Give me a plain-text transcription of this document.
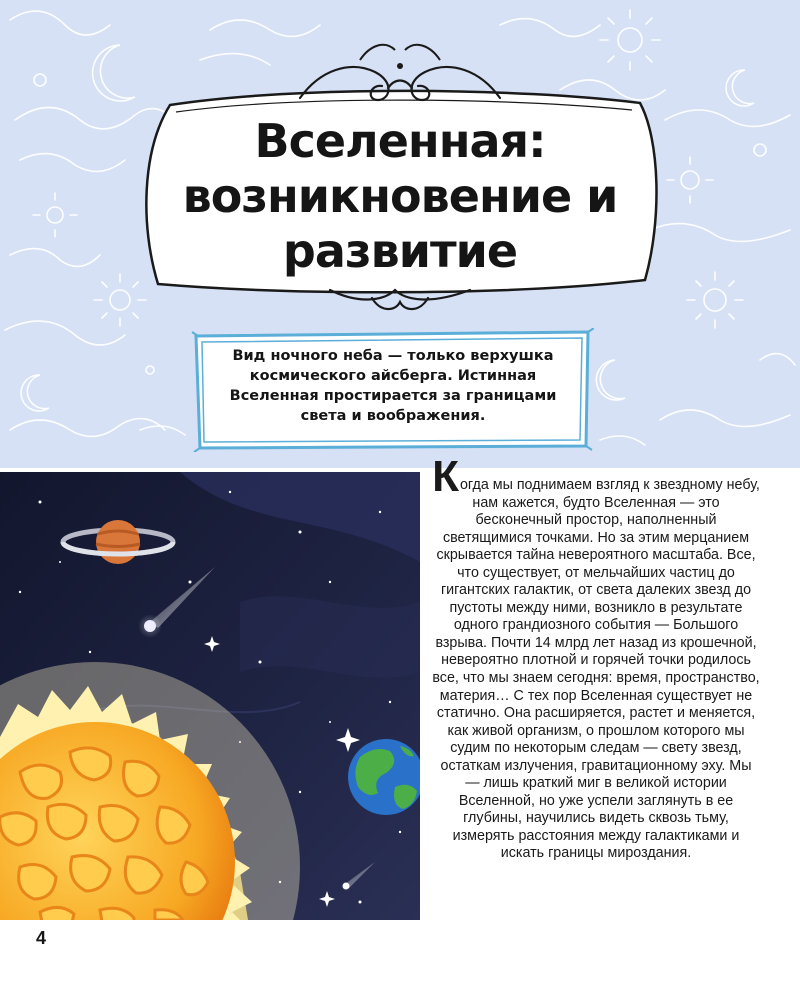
Вселенная: возникновение и развитие

Вид ночного неба — только верхушка космического айсберга. Истинная Вселенная простирается за границами света и воображения.

Когда мы поднимаем взгляд к звездному небу, нам кажется, будто Вселенная — это бесконечный простор, наполненный светящимися точками. Но за этим мерцанием скрывается тайна невероятного масштаба. Все, что существует, от мельчайших частиц до гигантских галактик, от света далеких звезд до пустоты между ними, возникло в результате одного грандиозного события — Большого взрыва. Почти 14 млрд лет назад из крошечной, невероятно плотной и горячей точки родилось все, что мы знаем сегодня: время, пространство, материя… С тех пор Вселенная существует не статично. Она расширяется, растет и меняется, как живой организм, о прошлом которого мы судим по некоторым следам — свету звезд, остаткам излучения, гравитационному эху. Мы — лишь краткий миг в великой истории Вселенной, но уже успели заглянуть в ее глубины, научились видеть сквозь тьму, измерять расстояния между галактиками и искать границы мироздания.

4
